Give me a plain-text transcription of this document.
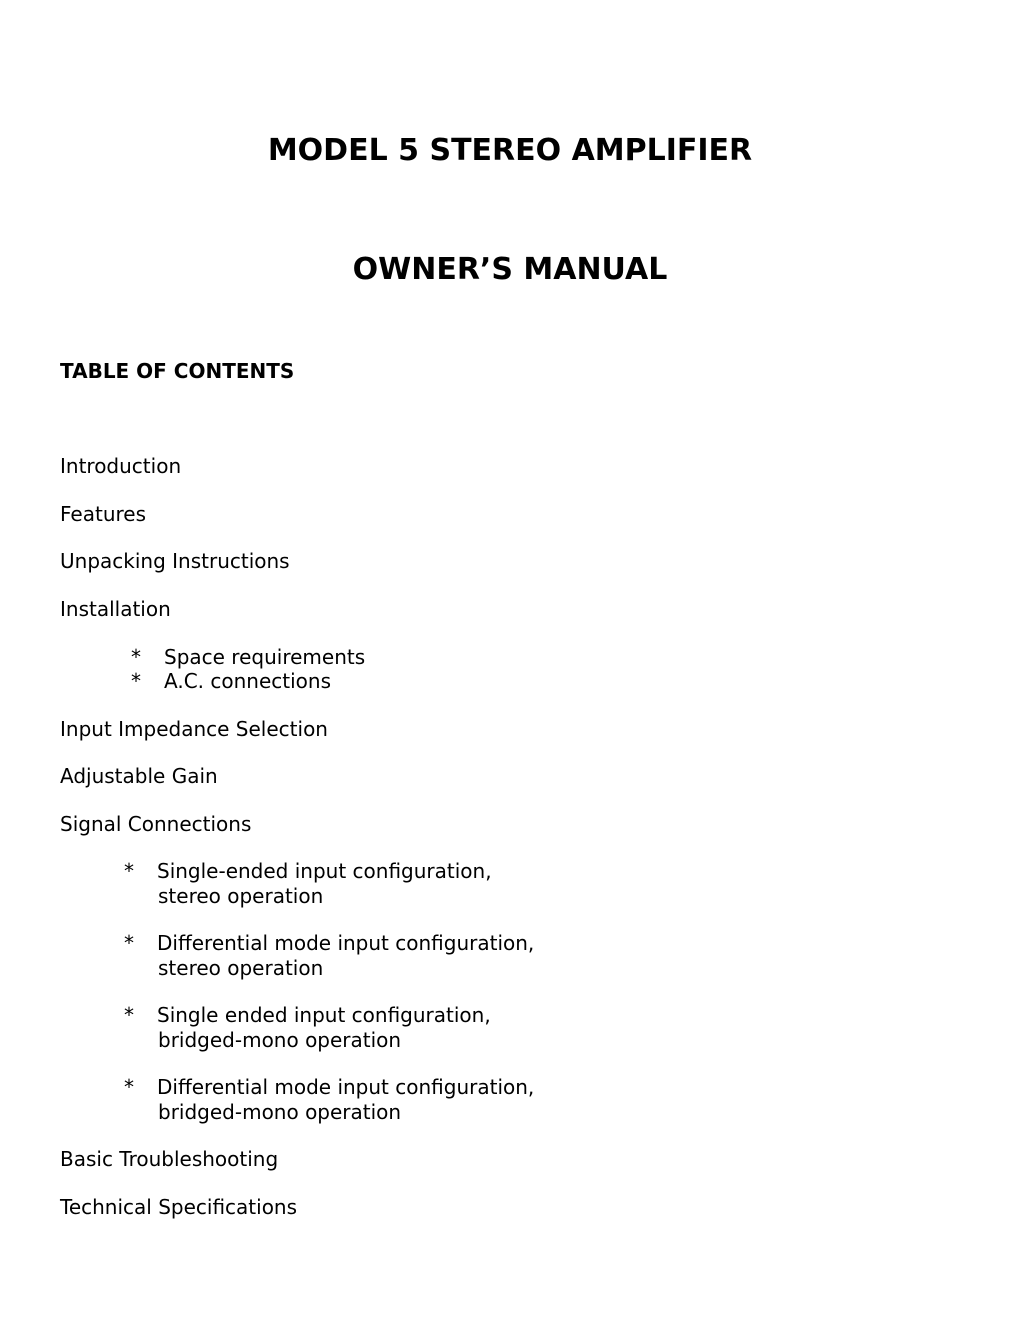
MODEL 5 STEREO AMPLIFIER
OWNER’S MANUAL
TABLE OF CONTENTS
Introduction
Features
Unpacking Instructions
Installation
* Space requirements
* A.C. connections
Input Impedance Selection
Adjustable Gain
Signal Connections
* Single-ended input configuration,
stereo operation
* Differential mode input configuration,
stereo operation
* Single ended input configuration,
bridged-mono operation
* Differential mode input configuration,
bridged-mono operation
Basic Troubleshooting
Technical Specifications
